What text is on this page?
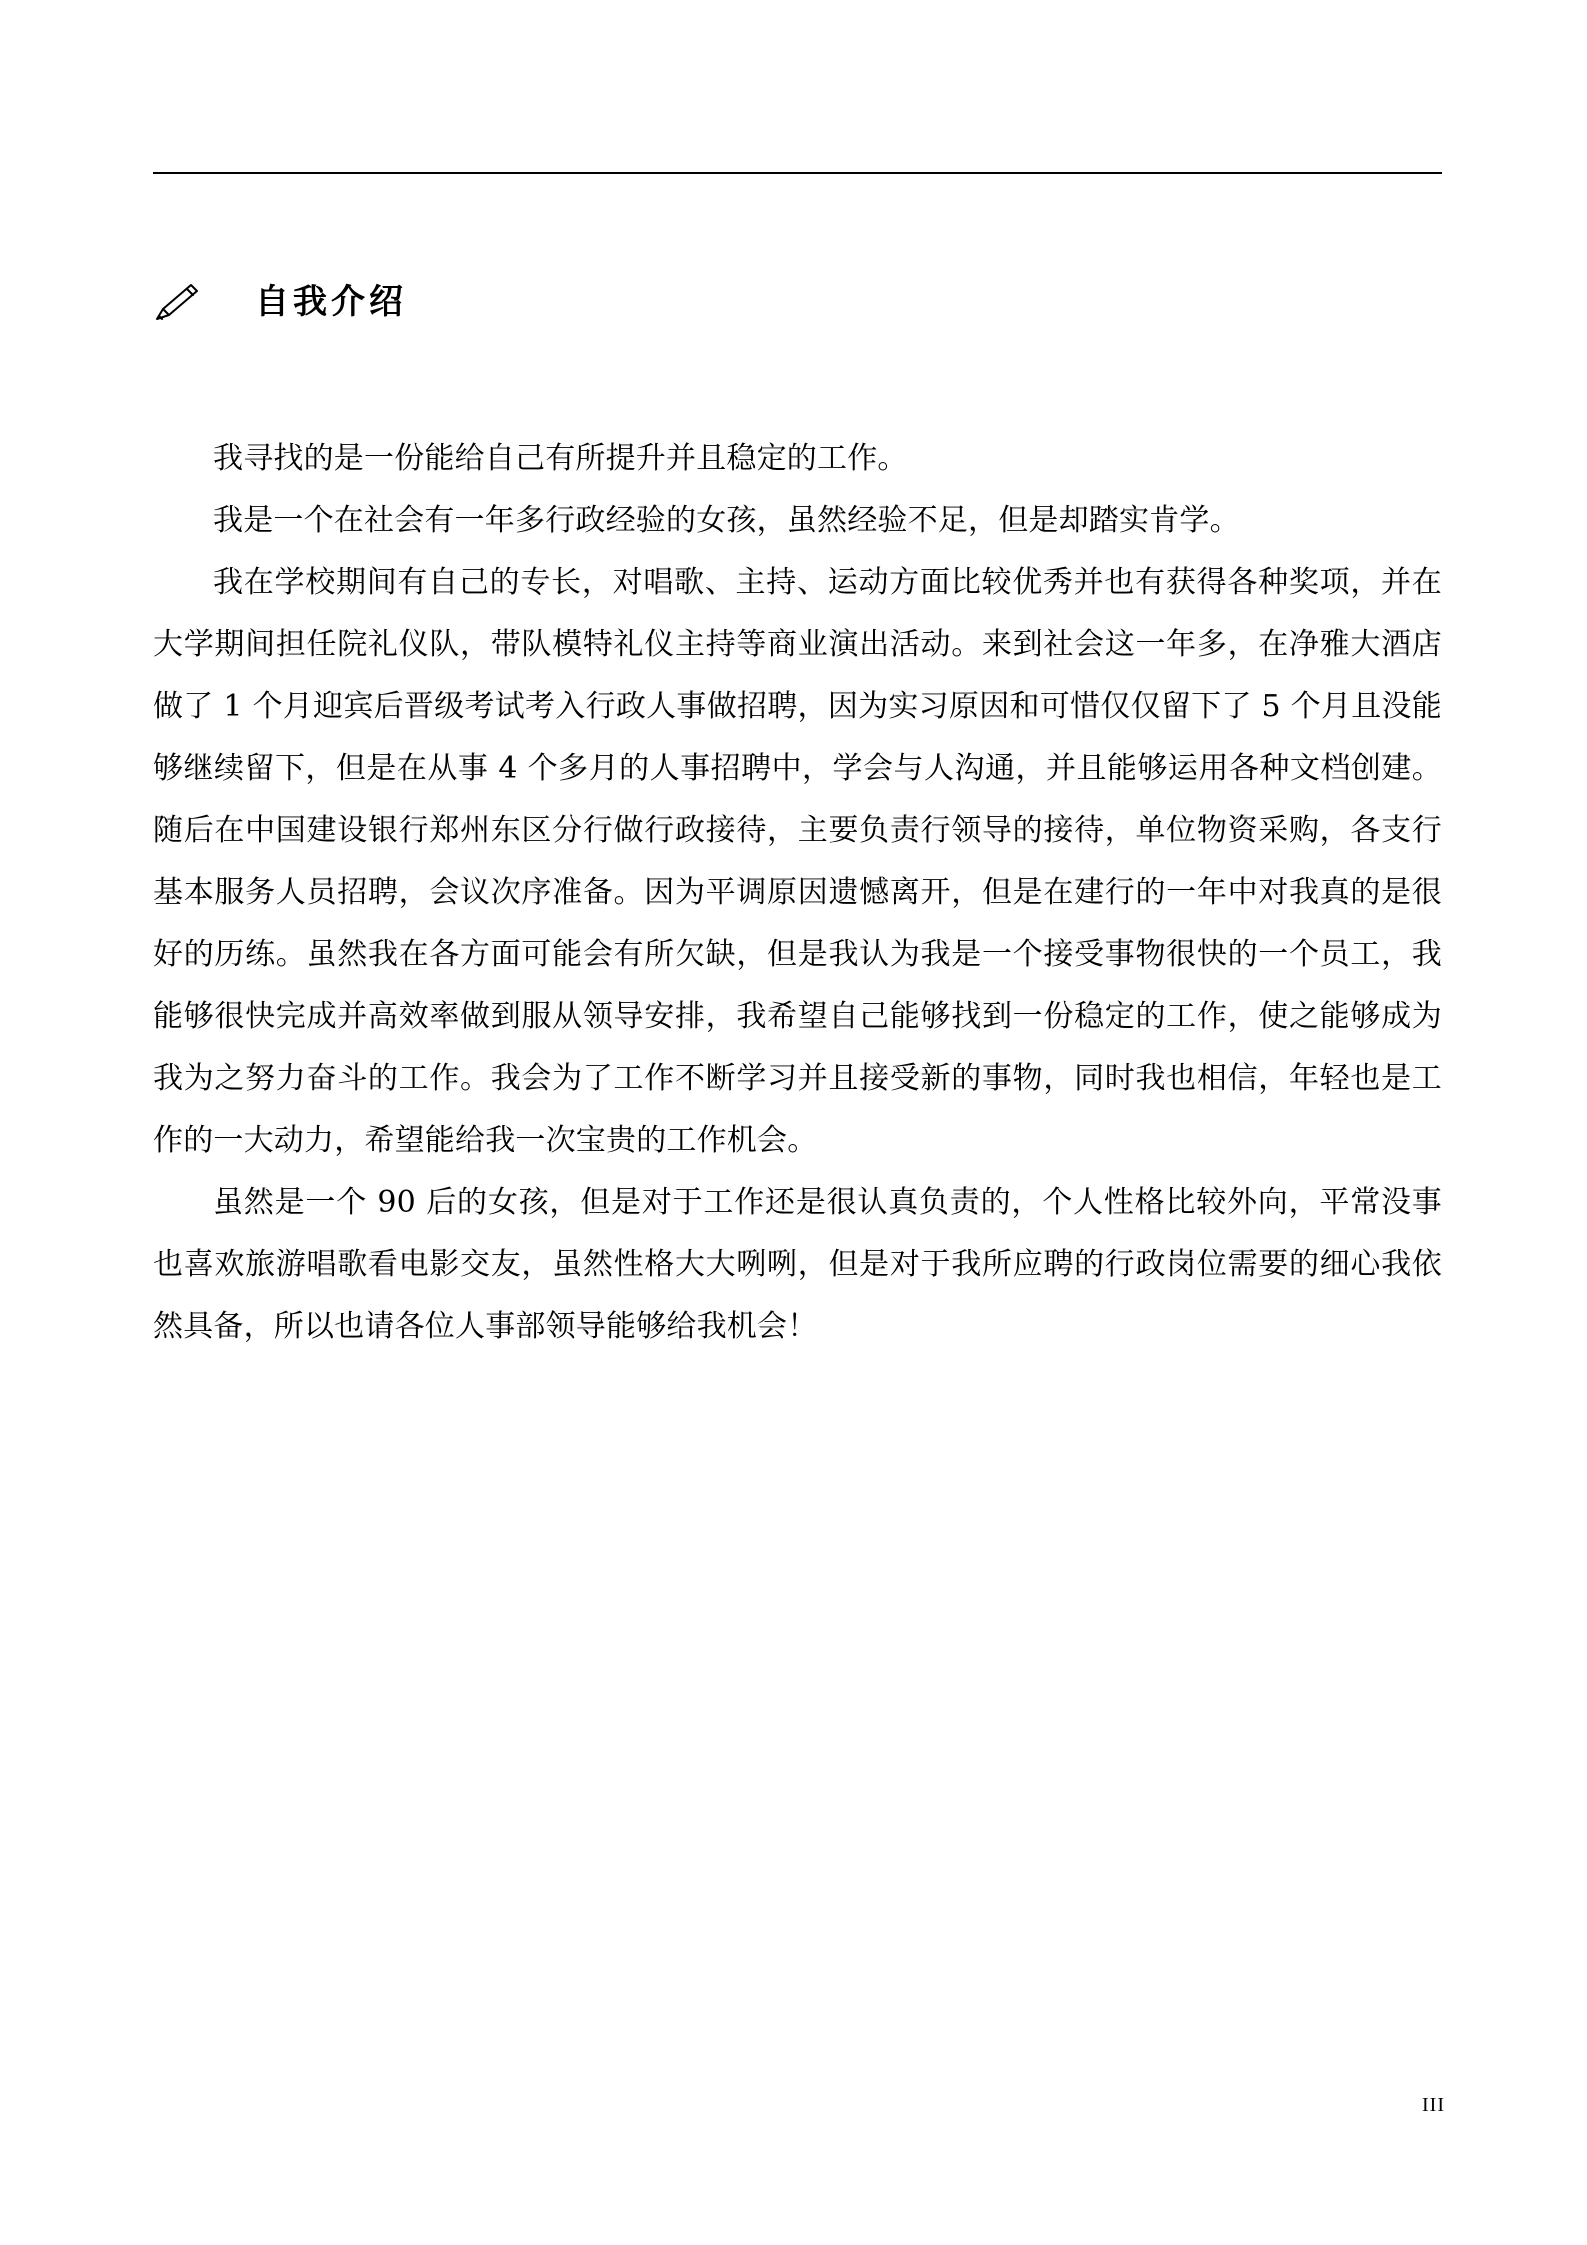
自我介绍

我寻找的是一份能给自己有所提升并且稳定的工作。

我是一个在社会有一年多行政经验的女孩，虽然经验不足，但是却踏实肯学。

我在学校期间有自己的专长，对唱歌、主持、运动方面比较优秀并也有获得各种奖项，并在大学期间担任院礼仪队，带队模特礼仪主持等商业演出活动。来到社会这一年多，在净雅大酒店做了 1 个月迎宾后晋级考试考入行政人事做招聘，因为实习原因和可惜仅仅留下了 5 个月且没能够继续留下，但是在从事 4 个多月的人事招聘中，学会与人沟通，并且能够运用各种文档创建。随后在中国建设银行郑州东区分行做行政接待，主要负责行领导的接待，单位物资采购，各支行基本服务人员招聘，会议次序准备。因为平调原因遗憾离开，但是在建行的一年中对我真的是很好的历练。虽然我在各方面可能会有所欠缺，但是我认为我是一个接受事物很快的一个员工，我能够很快完成并高效率做到服从领导安排，我希望自己能够找到一份稳定的工作，使之能够成为我为之努力奋斗的工作。我会为了工作不断学习并且接受新的事物，同时我也相信，年轻也是工作的一大动力，希望能给我一次宝贵的工作机会。

虽然是一个 90 后的女孩，但是对于工作还是很认真负责的，个人性格比较外向，平常没事也喜欢旅游唱歌看电影交友，虽然性格大大咧咧，但是对于我所应聘的行政岗位需要的细心我依然具备，所以也请各位人事部领导能够给我机会！

III
